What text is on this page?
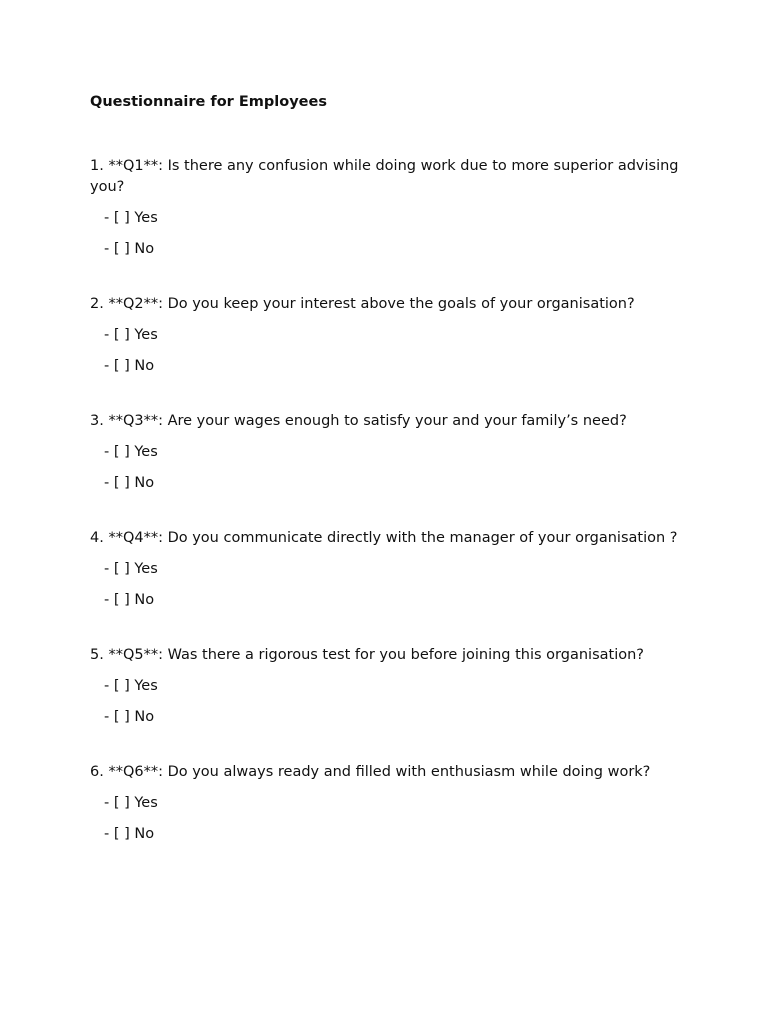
Questionnaire for Employees

1. **Q1**: Is there any confusion while doing work due to more superior advising you?

- [ ] Yes

- [ ] No

2. **Q2**: Do you keep your interest above the goals of your organisation?

- [ ] Yes

- [ ] No

3. **Q3**: Are your wages enough to satisfy your and your family’s need?

- [ ] Yes

- [ ] No

4. **Q4**: Do you communicate directly with the manager of your organisation ?

- [ ] Yes

- [ ] No

5. **Q5**: Was there a rigorous test for you before joining this organisation?

- [ ] Yes

- [ ] No

6. **Q6**: Do you always ready and filled with enthusiasm while doing work?

- [ ] Yes

- [ ] No
